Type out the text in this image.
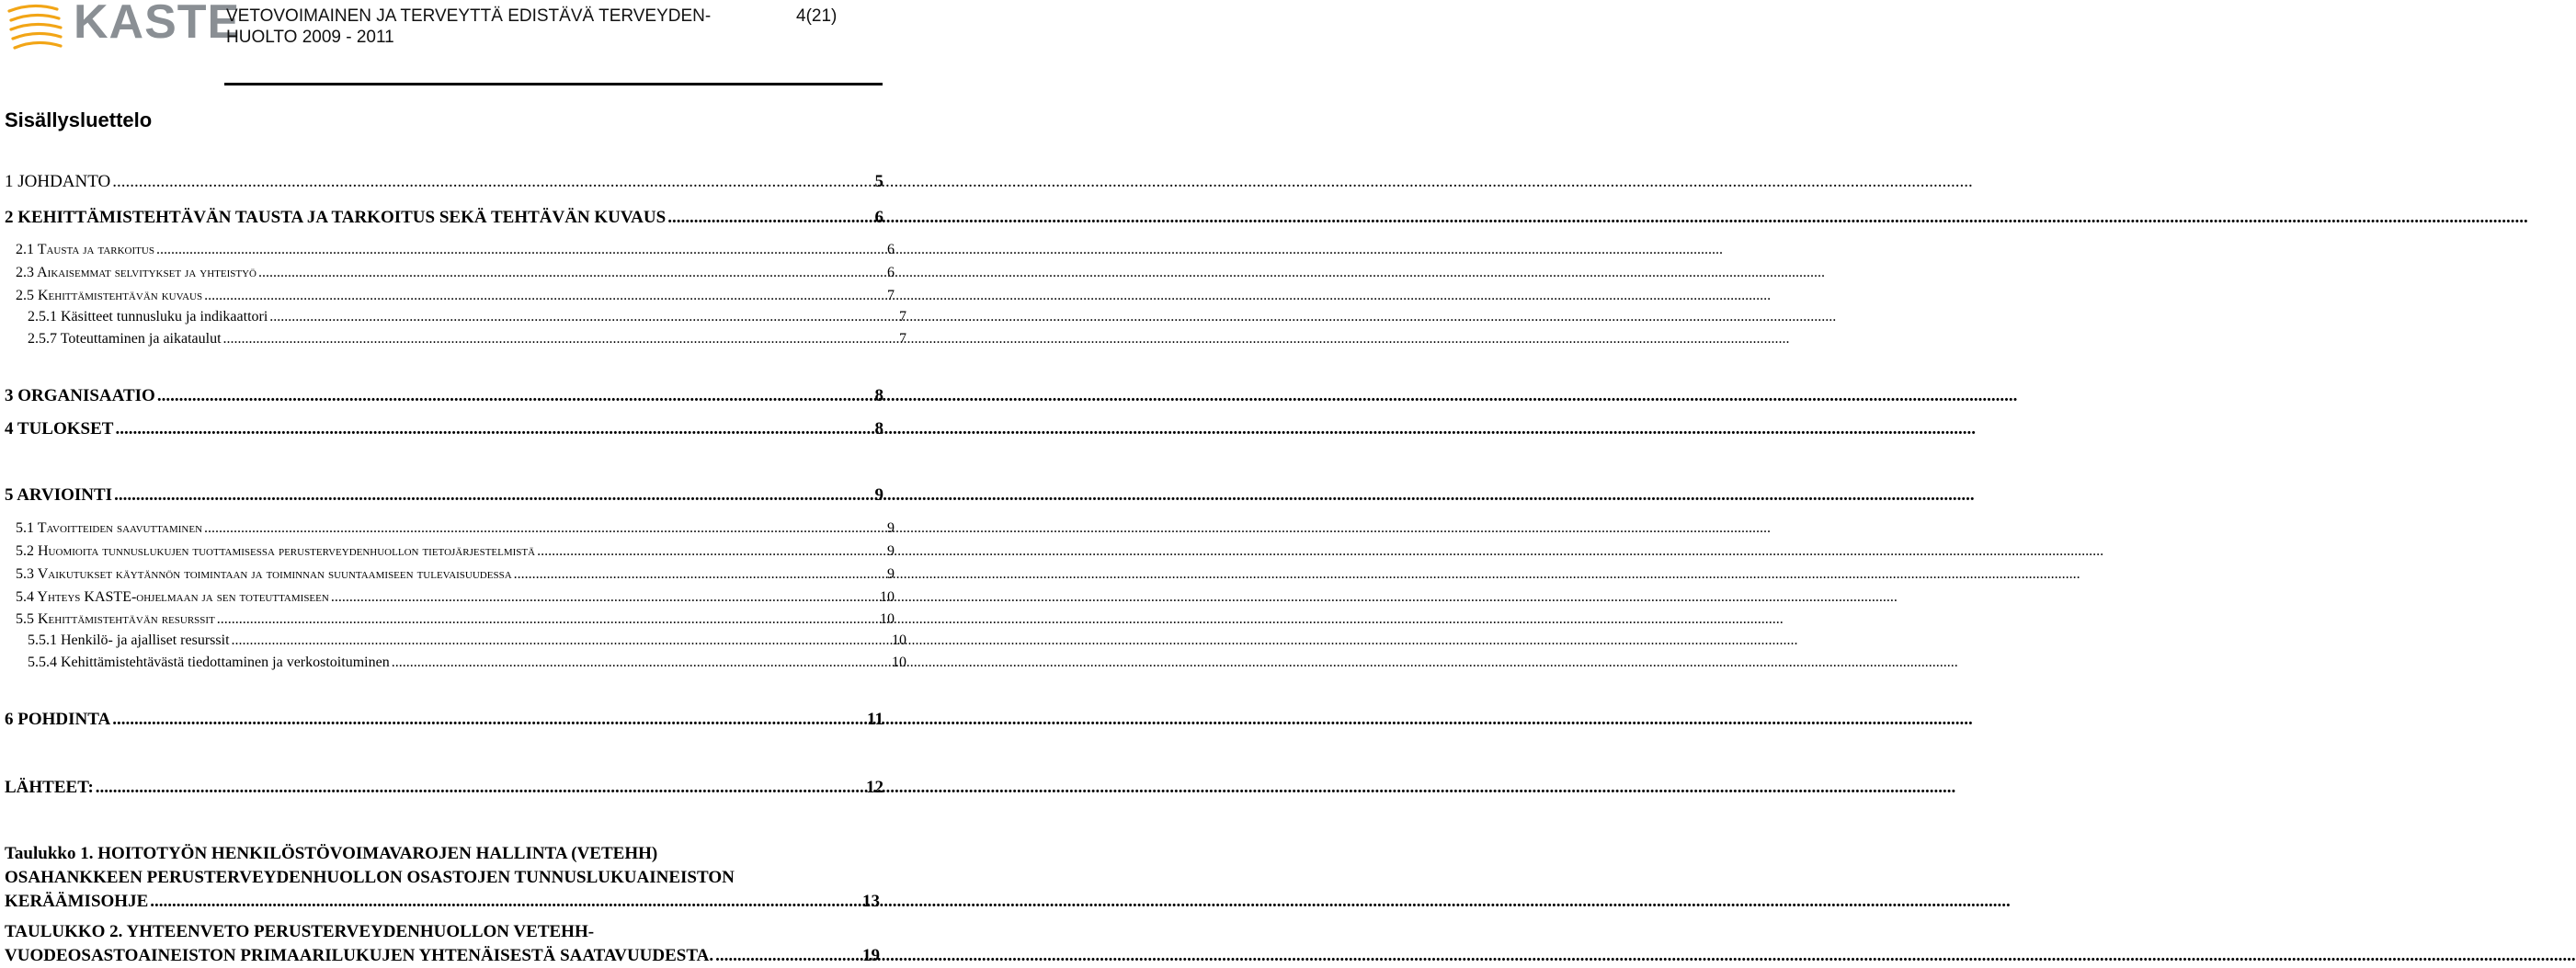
KASTE
VETOVOIMAINEN JA TERVEYTTÄ EDISTÄVÄ TERVEYDEN-
HUOLTO 2009 - 2011
4(21)
Sisällysluettelo
1 JOHDANTO .....	5
2 KEHITTÄMISTEHTÄVÄN TAUSTA JA TARKOITUS SEKÄ TEHTÄVÄN KUVAUS .....	6
2.1 Tausta ja tarkoitus .....	6
2.3 Aikaisemmat selvitykset ja yhteistyö .....	6
2.5 Kehittämistehtävän kuvaus .....	7
2.5.1 Käsitteet tunnusluku ja indikaattori .....	7
2.5.7 Toteuttaminen ja aikataulut .....	7
3 ORGANISAATIO .....	8
4 TULOKSET .....	8
5 ARVIOINTI .....	9
5.1 Tavoitteiden saavuttaminen .....	9
5.2 Huomioita tunnuslukujen tuottamisessa perusterveydenhuollon tietojärjestelmistä .....	9
5.3 Vaikutukset käytännön toimintaan ja toiminnan suuntaamiseen tulevaisuudessa .....	9
5.4 Yhteys KASTE-ohjelmaan ja sen toteuttamiseen .....	10
5.5 Kehittämistehtävän resurssit .....	10
5.5.1 Henkilö- ja ajalliset resurssit .....	10
5.5.4 Kehittämistehtävästä tiedottaminen ja verkostoituminen .....	10
6 POHDINTA .....	11
LÄHTEET: .....	12
Taulukko 1. HOITOTYÖN HENKILÖSTÖVOIMAVAROJEN HALLINTA (VETEHH)
OSAHANKKEEN PERUSTERVEYDENHUOLLON OSASTOJEN TUNNUSLUKUAINEISTON
KERÄÄMISOHJE .....	13
TAULUKKO 2. YHTEENVETO PERUSTERVEYDENHUOLLON VETEHH-
VUODEOSASTOAINEISTON PRIMAARILUKUJEN YHTENÄISESTÄ SAATAVUUDESTA. .....	19
